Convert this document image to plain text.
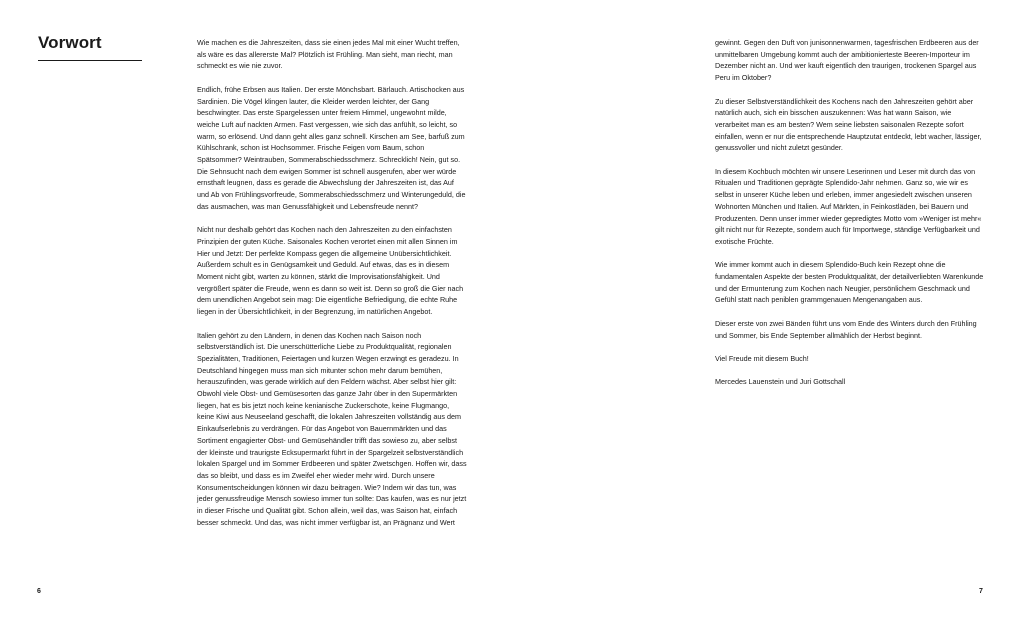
Vorwort	Wie machen es die Jahreszeiten, dass sie einen jedes Mal mit einer Wucht treffen, als wäre es das allererste Mal? Plötzlich ist Frühling. Man sieht, man riecht, man schmeckt es wie nie zuvor.

Endlich, frühe Erbsen aus Italien. Der erste Mönchsbart. Bärlauch. Artischocken aus Sardinien. Die Vögel klingen lauter, die Kleider werden leichter, der Gang beschwingter. Das erste Spargelessen unter freiem Himmel, ungewohnt milde, weiche Luft auf nackten Armen. Fast vergessen, wie sich das anfühlt, so leicht, so warm, so erlösend. Und dann geht alles ganz schnell. Kirschen am See, barfuß zum Kühlschrank, schon ist Hochsommer. Frische Feigen vom Baum, schon Spätsommer? Weintrauben, Sommerabschiedsschmerz. Schrecklich! Nein, gut so. Die Sehnsucht nach dem ewigen Sommer ist schnell ausgerufen, aber wer würde ernsthaft leugnen, dass es gerade die Abwechslung der Jahreszeiten ist, das Auf und Ab von Frühlingsvorfreude, Sommerabschiedsschmerz und Winterungeduld, die das ausmachen, was man Genussfähigkeit und Lebensfreude nennt?

Nicht nur deshalb gehört das Kochen nach den Jahreszeiten zu den einfachsten Prinzipien der guten Küche. Saisonales Kochen verortet einen mit allen Sinnen im Hier und Jetzt: Der perfekte Kompass gegen die allgemeine Unübersichtlichkeit. Außerdem schult es in Genügsamkeit und Geduld. Auf etwas, das es in diesem Moment nicht gibt, warten zu können, stärkt die Improvisationsfähigkeit. Und vergrößert später die Freude, wenn es dann so weit ist. Denn so groß die Gier nach dem unendlichen Angebot sein mag: Die eigentliche Befriedigung, die echte Ruhe liegen in der Übersichtlichkeit, in der Begrenzung, im natürlichen Angebot.

Italien gehört zu den Ländern, in denen das Kochen nach Saison noch selbstverständlich ist. Die unerschütterliche Liebe zu Produktqualität, regionalen Spezialitäten, Traditionen, Feiertagen und kurzen Wegen erzwingt es geradezu. In Deutschland hingegen muss man sich mitunter schon mehr darum bemühen, herauszufinden, was gerade wirklich auf den Feldern wächst. Aber selbst hier gilt: Obwohl viele Obst- und Gemüsesorten das ganze Jahr über in den Supermärkten liegen, hat es bis jetzt noch keine kenianische Zuckerschote, keine Flugmango, keine Kiwi aus Neuseeland geschafft, die lokalen Jahreszeiten vollständig aus dem Einkaufserlebnis zu verdrängen. Für das Angebot von Bauernmärkten und das Sortiment engagierter Obst- und Gemüsehändler trifft das sowieso zu, aber selbst der kleinste und traurigste Ecksupermarkt führt in der Spargelzeit selbstverständlich lokalen Spargel und im Sommer Erdbeeren und später Zwetschgen. Hoffen wir, dass das so bleibt, und dass es im Zweifel eher wieder mehr wird. Durch unsere Konsumentscheidungen können wir dazu beitragen. Wie? Indem wir das tun, was jeder genussfreudige Mensch sowieso immer tun sollte: Das kaufen, was es nur jetzt in dieser Frische und Qualität gibt. Schon allein, weil das, was Saison hat, einfach besser schmeckt. Und das, was nicht immer verfügbar ist, an Prägnanz und Wert

6

gewinnt. Gegen den Duft von junisonnenwarmen, tagesfrischen Erdbeeren aus der unmittelbaren Umgebung kommt auch der ambitionierteste Beeren-Importeur im Dezember nicht an. Und wer kauft eigentlich den traurigen, trockenen Spargel aus Peru im Oktober?

Zu dieser Selbstverständlichkeit des Kochens nach den Jahreszeiten gehört aber natürlich auch, sich ein bisschen auszukennen: Was hat wann Saison, wie verarbeitet man es am besten? Wem seine liebsten saisonalen Rezepte sofort einfallen, wenn er nur die entsprechende Hauptzutat entdeckt, lebt wacher, lässiger, genussvoller und nicht zuletzt gesünder.

In diesem Kochbuch möchten wir unsere Leserinnen und Leser mit durch das von Ritualen und Traditionen geprägte Splendido-Jahr nehmen. Ganz so, wie wir es selbst in unserer Küche leben und erleben, immer angesiedelt zwischen unseren Wohnorten München und Italien. Auf Märkten, in Feinkostläden, bei Bauern und Produzenten. Denn unser immer wieder gepredigtes Motto vom »Weniger ist mehr« gilt nicht nur für Rezepte, sondern auch für Importwege, ständige Verfügbarkeit und exotische Früchte.

Wie immer kommt auch in diesem Splendido-Buch kein Rezept ohne die fundamentalen Aspekte der besten Produktqualität, der detailverliebten Warenkunde und der Ermunterung zum Kochen nach Neugier, persönlichem Geschmack und Gefühl statt nach peniblen grammgenauen Mengenangaben aus.

Dieser erste von zwei Bänden führt uns vom Ende des Winters durch den Frühling und Sommer, bis Ende September allmählich der Herbst beginnt.

Viel Freude mit diesem Buch!

Mercedes Lauenstein und Juri Gottschall

7
